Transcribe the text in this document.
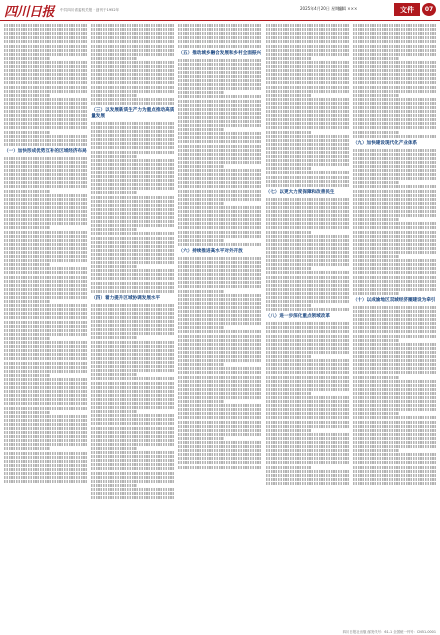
四川日报 中共四川省委机关报 · 创刊于1952年	2025年4月20日 星期日
编辑 ×××	文件	07
（一）加快形成优势互补的区域经济布局
（三）以发展新质生产力为重点推动高质量发展
（四）着力提升区域协调发展水平
（五）推动城乡融合发展和乡村全面振兴
（六）持续推进高水平对外开放
（七）以更大力度保障和改善民生
（八）进一步深化重点领域改革
（九）加快建设现代化产业体系
（十）以成渝地区双城经济圈建设为牵引
四川日报社出版 邮发代号：61-1 全国统一刊号：CN51-0001
